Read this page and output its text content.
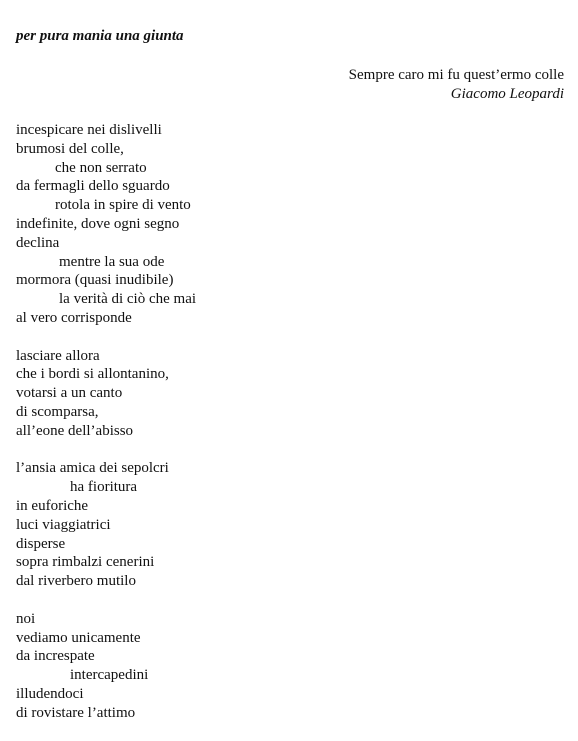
per pura mania una giunta
Sempre caro mi fu quest’ermo colle
Giacomo Leopardi
incespicare nei dislivelli
brumosi del colle,
che non serrato
da fermagli dello sguardo
rotola in spire di vento
indefinite, dove ogni segno
declina
mentre la sua ode
mormora (quasi inudibile)
la verità di ciò che mai
al vero corrisponde
lasciare allora
che i bordi si allontanino,
votarsi a un canto
di scomparsa,
all’eone dell’abisso
l’ansia amica dei sepolcri
ha fioritura
in euforiche
luci viaggiatrici
disperse
sopra rimbalzi cenerini
dal riverbero mutilo
noi
vediamo unicamente
da increspate
intercapedini
illudendoci
di rovistare l’attimo
